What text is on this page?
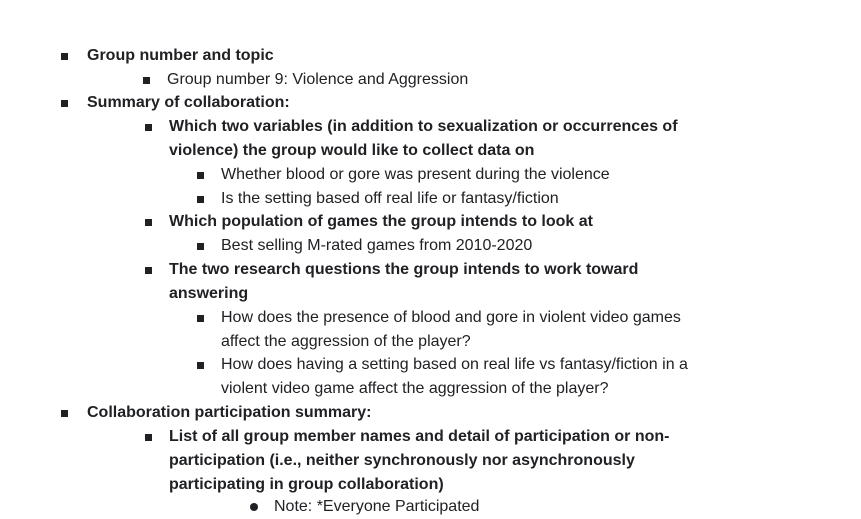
Group number and topic
Group number 9: Violence and Aggression
Summary of collaboration:
Which two variables (in addition to sexualization or occurrences of
violence) the group would like to collect data on
Whether blood or gore was present during the violence
Is the setting based off real life or fantasy/fiction
Which population of games the group intends to look at
Best selling M-rated games from 2010-2020
The two research questions the group intends to work toward
answering
How does the presence of blood and gore in violent video games
affect the aggression of the player?
How does having a setting based on real life vs fantasy/fiction in a
violent video game affect the aggression of the player?
Collaboration participation summary:
List of all group member names and detail of participation or non-
participation (i.e., neither synchronously nor asynchronously
participating in group collaboration)
Note: *Everyone Participated
